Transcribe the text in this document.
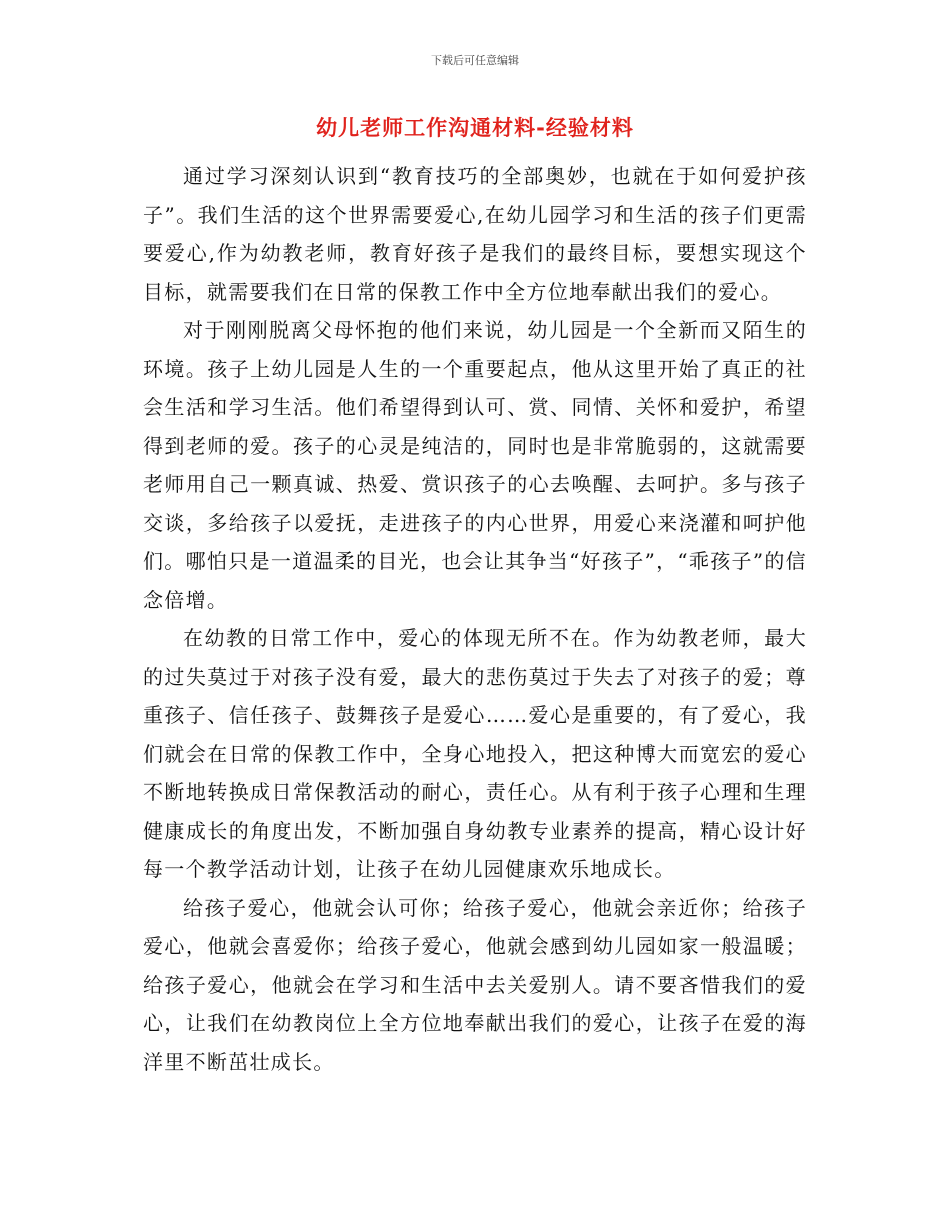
下载后可任意编辑
幼儿老师工作沟通材料-经验材料

通过学习深刻认识到“教育技巧的全部奥妙，也就在于如何爱护孩子”。我们生活的这个世界需要爱心,在幼儿园学习和生活的孩子们更需要爱心,作为幼教老师，教育好孩子是我们的最终目标，要想实现这个目标，就需要我们在日常的保教工作中全方位地奉献出我们的爱心。

对于刚刚脱离父母怀抱的他们来说，幼儿园是一个全新而又陌生的环境。孩子上幼儿园是人生的一个重要起点，他从这里开始了真正的社会生活和学习生活。他们希望得到认可、赏、同情、关怀和爱护，希望得到老师的爱。孩子的心灵是纯洁的，同时也是非常脆弱的，这就需要老师用自己一颗真诚、热爱、赏识孩子的心去唤醒、去呵护。多与孩子交谈，多给孩子以爱抚，走进孩子的内心世界，用爱心来浇灌和呵护他们。哪怕只是一道温柔的目光，也会让其争当“好孩子”，“乖孩子”的信念倍增。

在幼教的日常工作中，爱心的体现无所不在。作为幼教老师，最大的过失莫过于对孩子没有爱，最大的悲伤莫过于失去了对孩子的爱；尊重孩子、信任孩子、鼓舞孩子是爱心……爱心是重要的，有了爱心，我们就会在日常的保教工作中，全身心地投入，把这种博大而宽宏的爱心不断地转换成日常保教活动的耐心，责任心。从有利于孩子心理和生理健康成长的角度出发，不断加强自身幼教专业素养的提高，精心设计好每一个教学活动计划，让孩子在幼儿园健康欢乐地成长。

给孩子爱心，他就会认可你；给孩子爱心，他就会亲近你；给孩子爱心，他就会喜爱你；给孩子爱心，他就会感到幼儿园如家一般温暖；给孩子爱心，他就会在学习和生活中去关爱别人。请不要吝惜我们的爱心，让我们在幼教岗位上全方位地奉献出我们的爱心，让孩子在爱的海洋里不断茁壮成长。
